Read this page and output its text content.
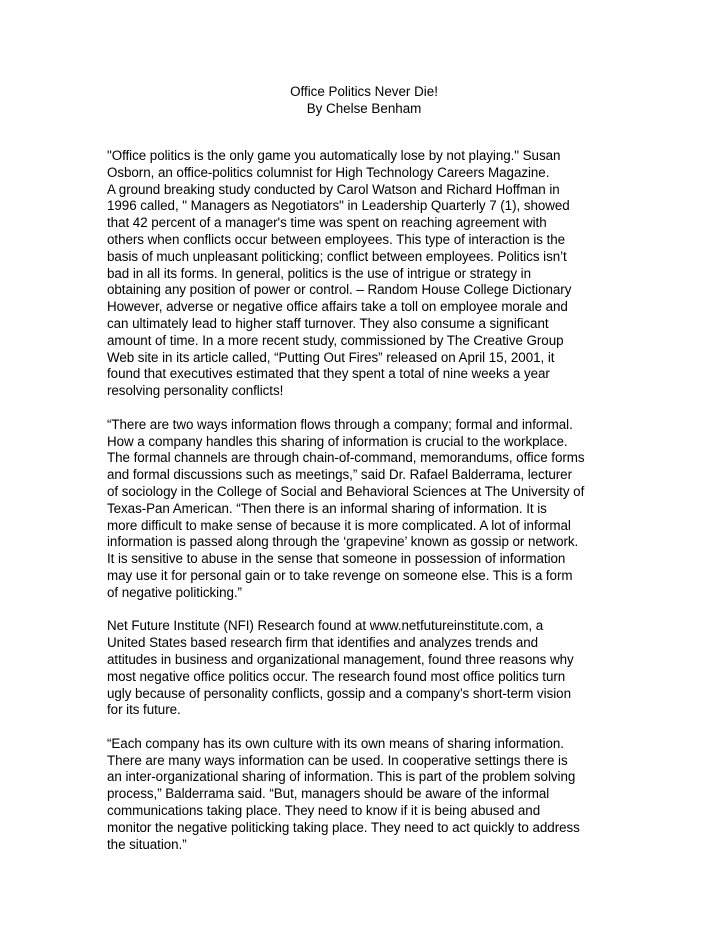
Office Politics Never Die!
By Chelse Benham
"Office politics is the only game you automatically lose by not playing." Susan
Osborn, an office-politics columnist for High Technology Careers Magazine.
A ground breaking study conducted by Carol Watson and Richard Hoffman in
1996 called, " Managers as Negotiators" in Leadership Quarterly 7 (1), showed
that 42 percent of a manager's time was spent on reaching agreement with
others when conflicts occur between employees. This type of interaction is the
basis of much unpleasant politicking; conflict between employees. Politics isn’t
bad in all its forms. In general, politics is the use of intrigue or strategy in
obtaining any position of power or control. – Random House College Dictionary
However, adverse or negative office affairs take a toll on employee morale and
can ultimately lead to higher staff turnover. They also consume a significant
amount of time. In a more recent study, commissioned by The Creative Group
Web site in its article called, “Putting Out Fires” released on April 15, 2001, it
found that executives estimated that they spent a total of nine weeks a year
resolving personality conflicts!
“There are two ways information flows through a company; formal and informal.
How a company handles this sharing of information is crucial to the workplace.
The formal channels are through chain-of-command, memorandums, office forms
and formal discussions such as meetings,” said Dr. Rafael Balderrama, lecturer
of sociology in the College of Social and Behavioral Sciences at The University of
Texas-Pan American. “Then there is an informal sharing of information. It is
more difficult to make sense of because it is more complicated. A lot of informal
information is passed along through the ‘grapevine’ known as gossip or network.
It is sensitive to abuse in the sense that someone in possession of information
may use it for personal gain or to take revenge on someone else. This is a form
of negative politicking.”
Net Future Institute (NFI) Research found at www.netfutureinstitute.com, a
United States based research firm that identifies and analyzes trends and
attitudes in business and organizational management, found three reasons why
most negative office politics occur. The research found most office politics turn
ugly because of personality conflicts, gossip and a company’s short-term vision
for its future.
“Each company has its own culture with its own means of sharing information.
There are many ways information can be used. In cooperative settings there is
an inter-organizational sharing of information. This is part of the problem solving
process,” Balderrama said. “But, managers should be aware of the informal
communications taking place. They need to know if it is being abused and
monitor the negative politicking taking place. They need to act quickly to address
the situation.”
